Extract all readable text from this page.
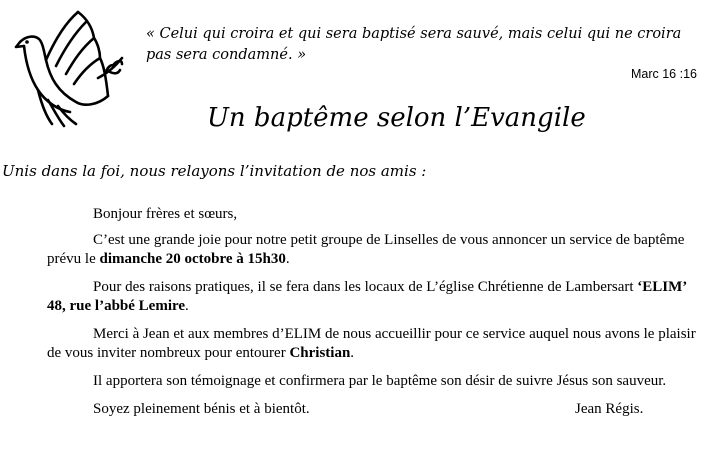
« Celui qui croira et qui sera baptisé sera sauvé, mais celui qui ne croira pas sera condamné. »
Marc 16 :16
Un baptême selon l’Evangile
Unis dans la foi, nous relayons l’invitation de nos amis :

Bonjour frères et sœurs,

C’est une grande joie pour notre petit groupe de Linselles de vous annoncer un service de baptême prévu le dimanche 20 octobre à 15h30.

Pour des raisons pratiques, il se fera dans les locaux de L’église Chrétienne de Lambersart ‘ELIM’ 48, rue l’abbé Lemire.

Merci à Jean et aux membres d’ELIM de nous accueillir pour ce service auquel nous avons le plaisir de vous inviter nombreux pour entourer Christian.

Il apportera son témoignage et confirmera par le baptême son désir de suivre Jésus son sauveur.

Soyez pleinement bénis et à bientôt.	Jean Régis.
